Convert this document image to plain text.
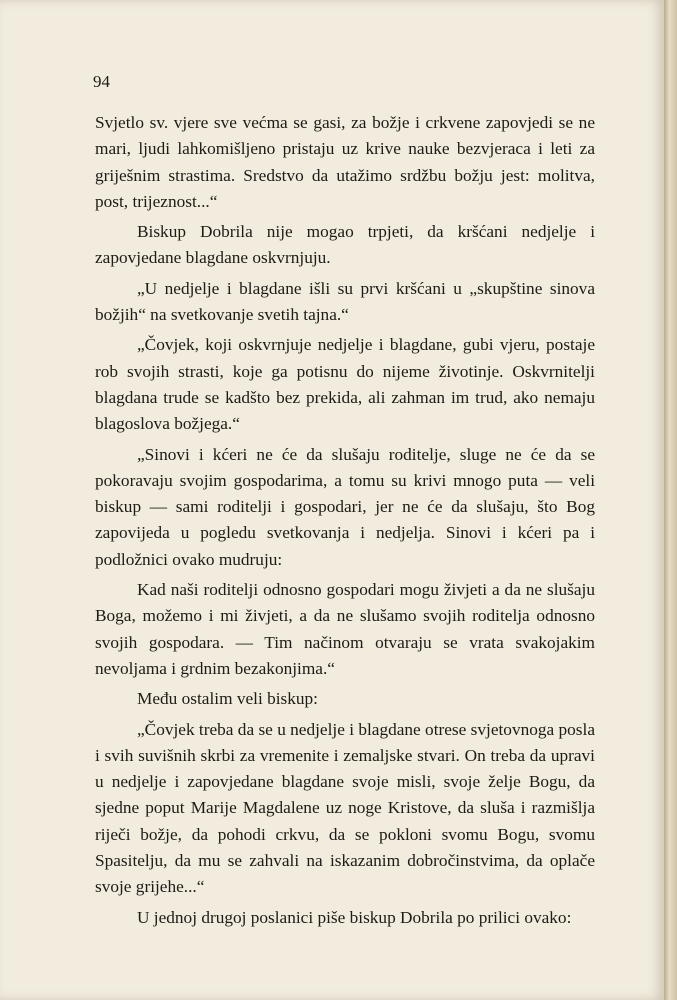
94

Svjetlo sv. vjere sve većma se gasi, za božje i crkvene zapovjedi se ne mari, ljudi lahkomišljeno pristaju uz krive nauke bezvjeraca i leti za griješnim strastima. Sredstvo da utažimo srdžbu božju jest: molitva, post, trijeznost...“

Biskup Dobrila nije mogao trpjeti, da kršćani nedjelje i zapovjedane blagdane oskvrnjuju.

„U nedjelje i blagdane išli su prvi kršćani u „skupštine sinova božjih“ na svetkovanje svetih tajna.“

„Čovjek, koji oskvrnjuje nedjelje i blagdane, gubi vjeru, postaje rob svojih strasti, koje ga potisnu do nijeme životinje. Oskvrnitelji blagdana trude se kadšto bez prekida, ali zahman im trud, ako nemaju blagoslova božjega.“

„Sinovi i kćeri ne će da slušaju roditelje, sluge ne će da se pokoravaju svojim gospodarima, a tomu su krivi mnogo puta — veli biskup — sami roditelji i gospodari, jer ne će da slušaju, što Bog zapovijeda u pogledu svetkovanja i nedjelja. Sinovi i kćeri pa i podložnici ovako mudruju:

Kad naši roditelji odnosno gospodari mogu živjeti a da ne slušaju Boga, možemo i mi živjeti, a da ne slušamo svojih roditelja odnosno svojih gospodara. — Tim načinom otvaraju se vrata svakojakim nevoljama i grdnim bezakonjima.“

Među ostalim veli biskup:

„Čovjek treba da se u nedjelje i blagdane otrese svjetovnoga posla i svih suvišnih skrbi za vremenite i zemaljske stvari. On treba da upravi u nedjelje i zapovjedane blagdane svoje misli, svoje želje Bogu, da sjedne poput Marije Magdalene uz noge Kristove, da sluša i razmišlja riječi božje, da pohodi crkvu, da se pokloni svomu Bogu, svomu Spasitelju, da mu se zahvali na iskazanim dobročinstvima, da oplače svoje grijehe...“

U jednoj drugoj poslanici piše biskup Dobrila po prilici ovako:
